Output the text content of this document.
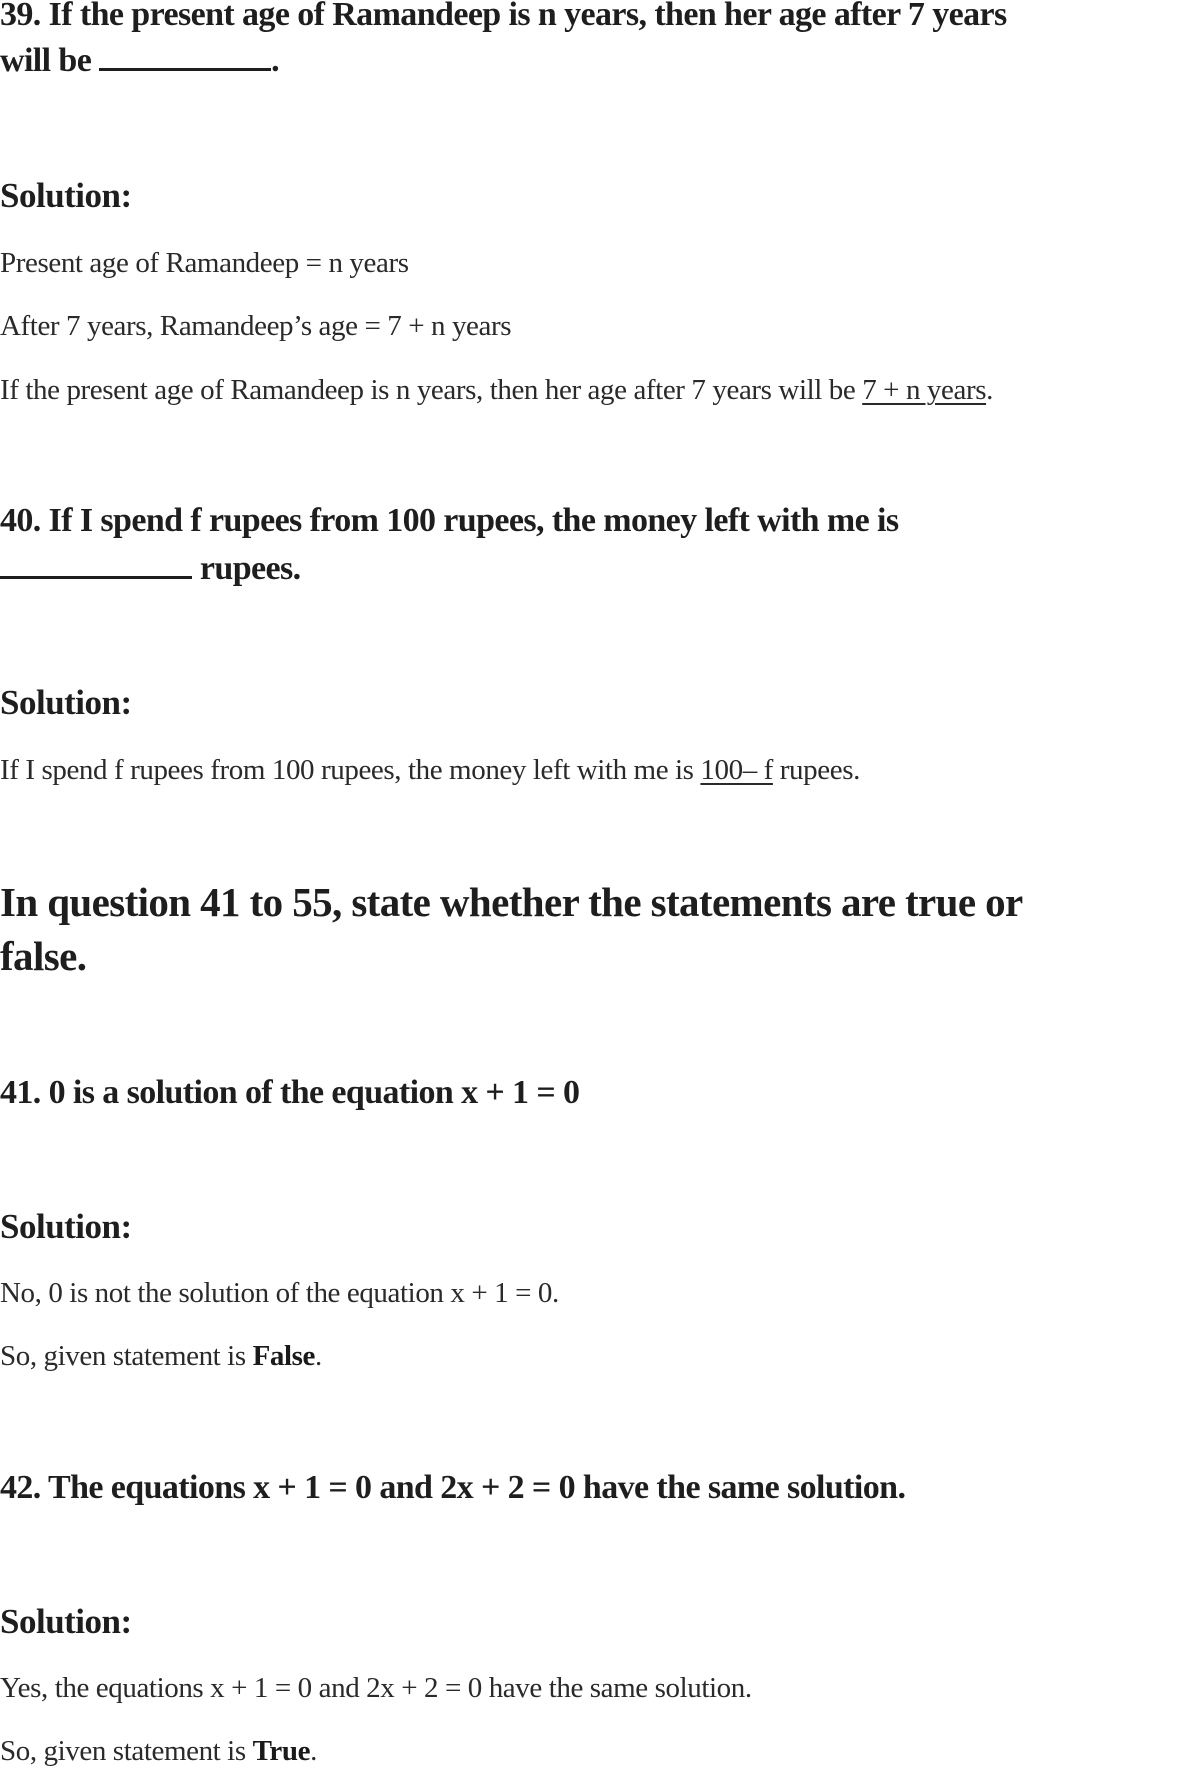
39. If the present age of Ramandeep is n years, then her age after 7 years
will be	.
Solution:
Present age of Ramandeep = n years
After 7 years, Ramandeep’s age = 7 + n years
If the present age of Ramandeep is n years, then her age after 7 years will be 7 + n years.
40. If I spend f rupees from 100 rupees, the money left with me is
rupees.
Solution:
If I spend f rupees from 100 rupees, the money left with me is 100– f rupees.
In question 41 to 55, state whether the statements are true or
false.
41. 0 is a solution of the equation x + 1 = 0
Solution:
No, 0 is not the solution of the equation x + 1 = 0.
So, given statement is False.
42. The equations x + 1 = 0 and 2x + 2 = 0 have the same solution.
Solution:
Yes, the equations x + 1 = 0 and 2x + 2 = 0 have the same solution.
So, given statement is True.
